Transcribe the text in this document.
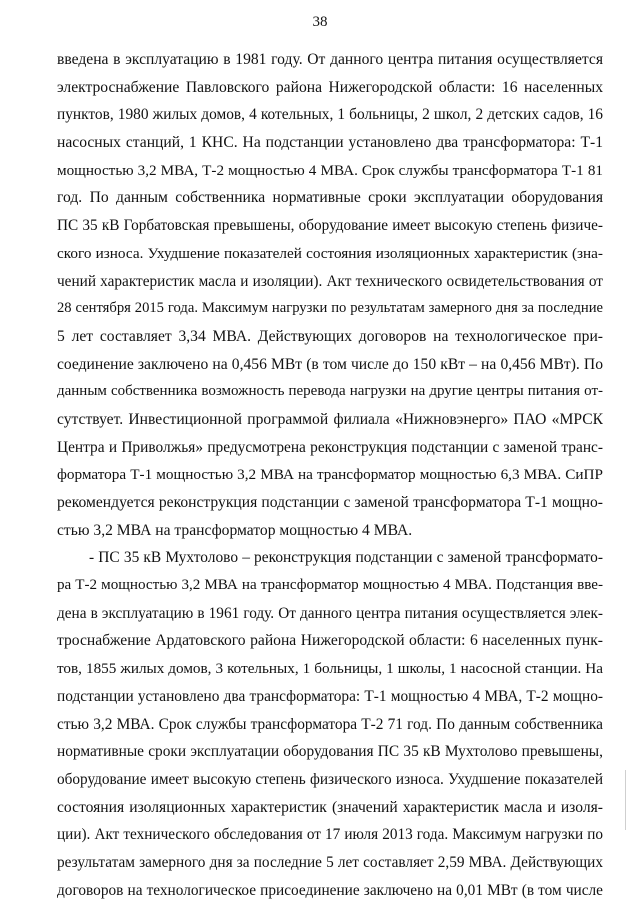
38
введена в эксплуатацию в 1981 году. От данного центра питания осуществляется
электроснабжение Павловского района Нижегородской области: 16 населенных
пунктов, 1980 жилых домов, 4 котельных, 1 больницы, 2 школ, 2 детских садов, 16
насосных станций, 1 КНС. На подстанции установлено два трансформатора: Т-1
мощностью 3,2 МВА, Т-2 мощностью 4 МВА. Срок службы трансформатора Т-1 81
год. По данным собственника нормативные сроки эксплуатации оборудования
ПС 35 кВ Горбатовская превышены, оборудование имеет высокую степень физиче-
ского износа. Ухудшение показателей состояния изоляционных характеристик (зна-
чений характеристик масла и изоляции). Акт технического освидетельствования от
28 сентября 2015 года. Максимум нагрузки по результатам замерного дня за последние
5 лет составляет 3,34 МВА. Действующих договоров на технологическое при-
соединение заключено на 0,456 МВт (в том числе до 150 кВт – на 0,456 МВт). По
данным собственника возможность перевода нагрузки на другие центры питания от-
сутствует. Инвестиционной программой филиала «Нижновэнерго» ПАО «МРСК
Центра и Приволжья» предусмотрена реконструкция подстанции с заменой транс-
форматора Т-1 мощностью 3,2 МВА на трансформатор мощностью 6,3 МВА. СиПР
рекомендуется реконструкция подстанции с заменой трансформатора Т-1 мощно-
стью 3,2 МВА на трансформатор мощностью 4 МВА.
- ПС 35 кВ Мухтолово – реконструкция подстанции с заменой трансформато-
ра Т-2 мощностью 3,2 МВА на трансформатор мощностью 4 МВА. Подстанция вве-
дена в эксплуатацию в 1961 году. От данного центра питания осуществляется элек-
троснабжение Ардатовского района Нижегородской области: 6 населенных пунк-
тов, 1855 жилых домов, 3 котельных, 1 больницы, 1 школы, 1 насосной станции. На
подстанции установлено два трансформатора: Т-1 мощностью 4 МВА, Т-2 мощно-
стью 3,2 МВА. Срок службы трансформатора Т-2 71 год. По данным собственника
нормативные сроки эксплуатации оборудования ПС 35 кВ Мухтолово превышены,
оборудование имеет высокую степень физического износа. Ухудшение показателей
состояния изоляционных характеристик (значений характеристик масла и изоля-
ции). Акт технического обследования от 17 июля 2013 года. Максимум нагрузки по
результатам замерного дня за последние 5 лет составляет 2,59 МВА. Действующих
договоров на технологическое присоединение заключено на 0,01 МВт (в том числе
